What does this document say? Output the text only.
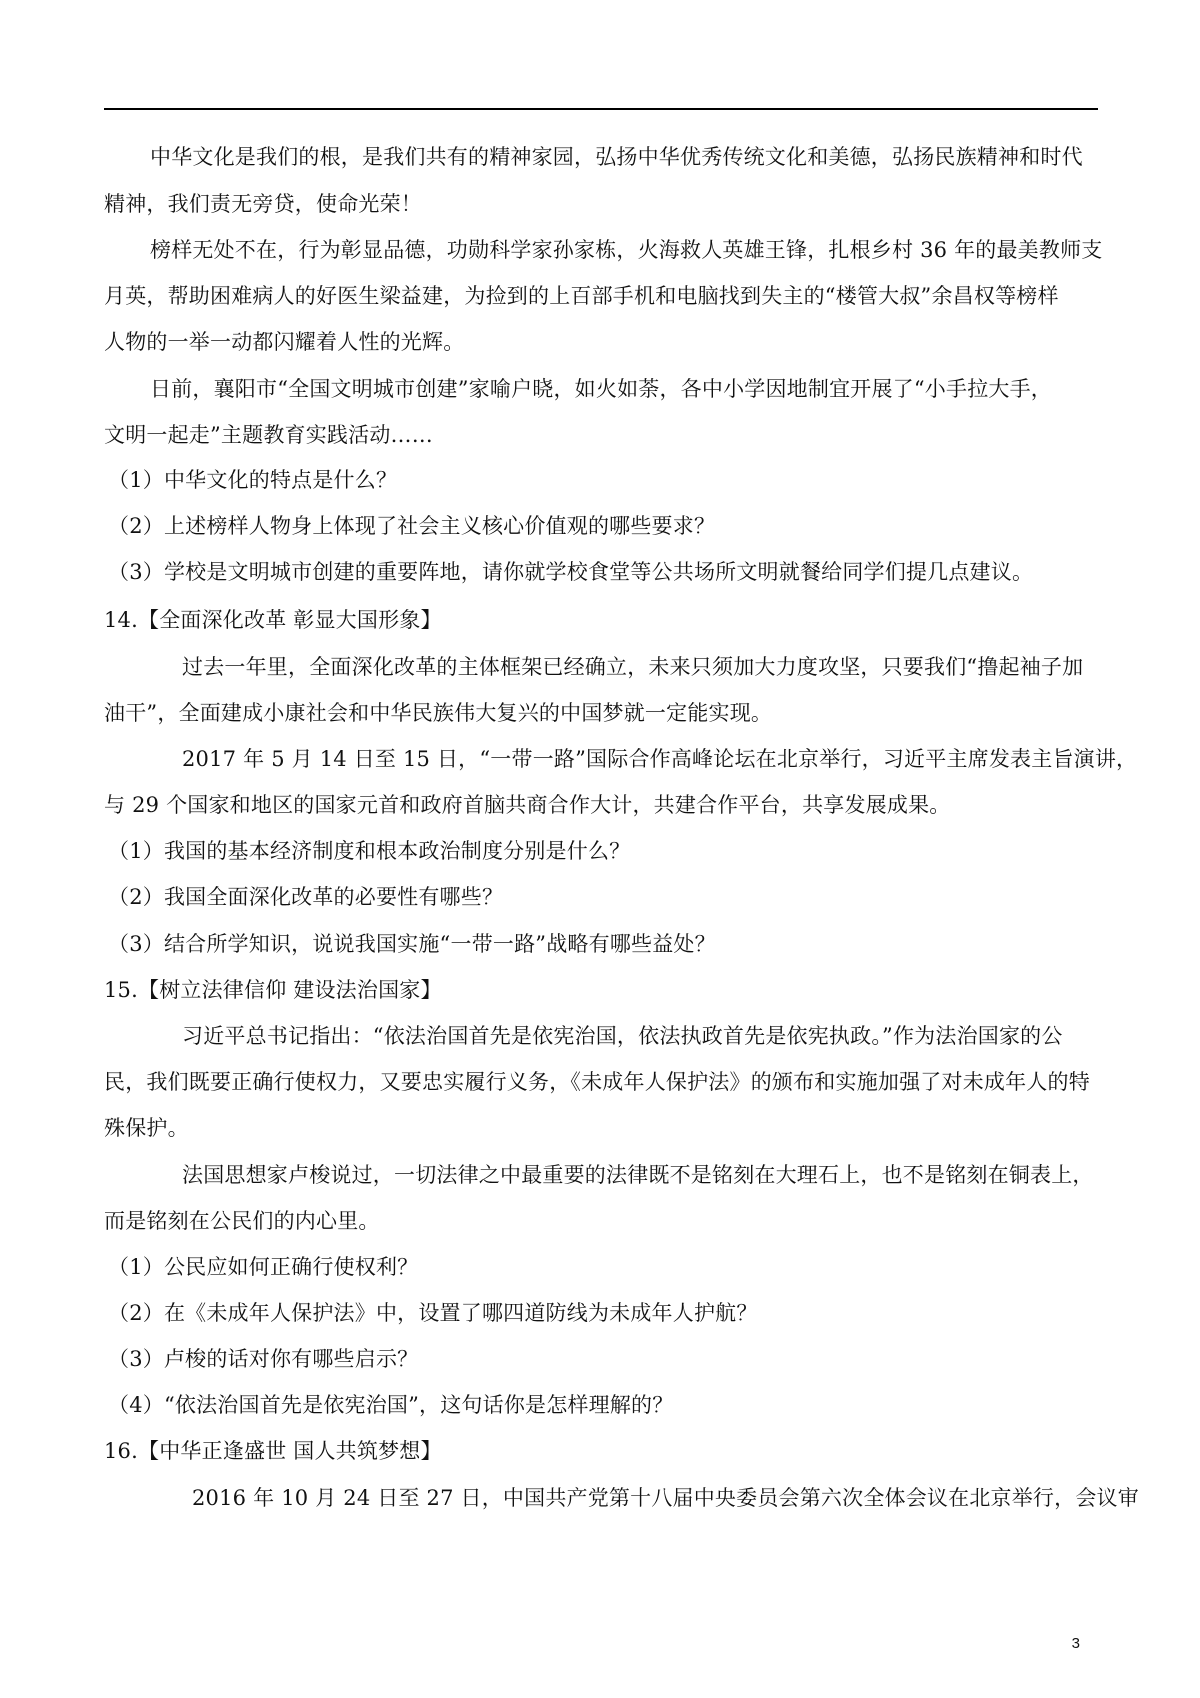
中华文化是我们的根，是我们共有的精神家园，弘扬中华优秀传统文化和美德，弘扬民族精神和时代
精神，我们责无旁贷，使命光荣！
榜样无处不在，行为彰显品德，功勋科学家孙家栋，火海救人英雄王锋，扎根乡村 36 年的最美教师支
月英，帮助困难病人的好医生梁益建，为捡到的上百部手机和电脑找到失主的“楼管大叔”余昌权等榜样
人物的一举一动都闪耀着人性的光辉。
日前，襄阳市“全国文明城市创建”家喻户晓，如火如荼，各中小学因地制宜开展了“小手拉大手，
文明一起走”主题教育实践活动……
（1）中华文化的特点是什么？
（2）上述榜样人物身上体现了社会主义核心价值观的哪些要求？
（3）学校是文明城市创建的重要阵地，请你就学校食堂等公共场所文明就餐给同学们提几点建议。
14.【全面深化改革 彰显大国形象】
过去一年里，全面深化改革的主体框架已经确立，未来只须加大力度攻坚，只要我们“撸起袖子加
油干”，全面建成小康社会和中华民族伟大复兴的中国梦就一定能实现。
2017 年 5 月 14 日至 15 日，“一带一路”国际合作高峰论坛在北京举行，习近平主席发表主旨演讲，
与 29 个国家和地区的国家元首和政府首脑共商合作大计，共建合作平台，共享发展成果。
（1）我国的基本经济制度和根本政治制度分别是什么？
（2）我国全面深化改革的必要性有哪些？
（3）结合所学知识，说说我国实施“一带一路”战略有哪些益处？
15.【树立法律信仰 建设法治国家】
习近平总书记指出：“依法治国首先是依宪治国，依法执政首先是依宪执政。”作为法治国家的公
民，我们既要正确行使权力，又要忠实履行义务，《未成年人保护法》的颁布和实施加强了对未成年人的特
殊保护。
法国思想家卢梭说过，一切法律之中最重要的法律既不是铭刻在大理石上，也不是铭刻在铜表上，
而是铭刻在公民们的内心里。
（1）公民应如何正确行使权利？
（2）在《未成年人保护法》中，设置了哪四道防线为未成年人护航？
（3）卢梭的话对你有哪些启示？
（4）“依法治国首先是依宪治国”，这句话你是怎样理解的？
16.【中华正逢盛世 国人共筑梦想】
2016 年 10 月 24 日至 27 日，中国共产党第十八届中央委员会第六次全体会议在北京举行，会议审
3
